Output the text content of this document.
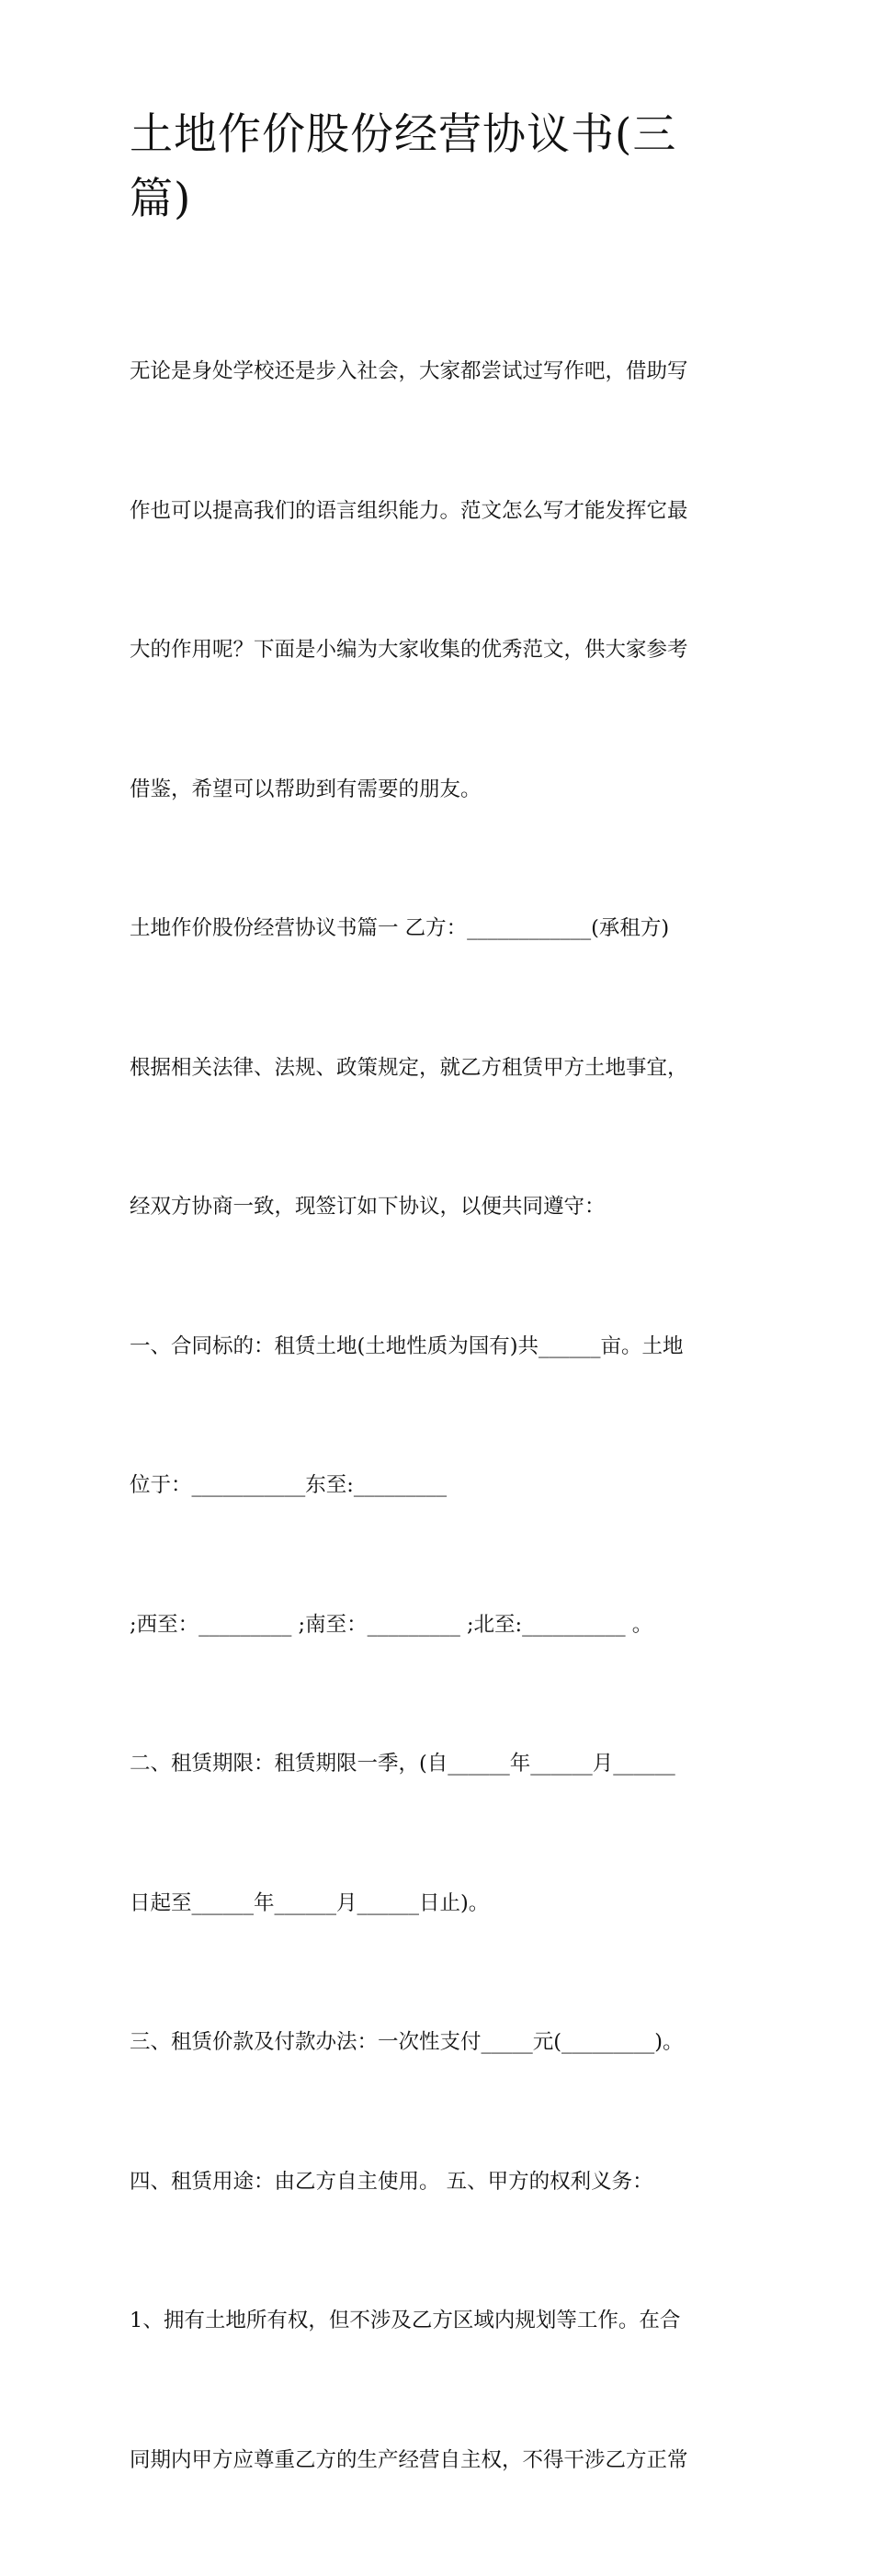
土地作价股份经营协议书(三篇)

无论是身处学校还是步入社会，大家都尝试过写作吧，借助写

作也可以提高我们的语言组织能力。范文怎么写才能发挥它最

大的作用呢？下面是小编为大家收集的优秀范文，供大家参考

借鉴，希望可以帮助到有需要的朋友。

土地作价股份经营协议书篇一 乙方：____________(承租方)

根据相关法律、法规、政策规定，就乙方租赁甲方土地事宜，

经双方协商一致，现签订如下协议，以便共同遵守：

一、合同标的：租赁土地(土地性质为国有)共______亩。土地

位于：___________东至:_________

;西至：_________ ;南至：_________ ;北至:__________ 。

二、租赁期限：租赁期限一季，(自______年______月______

日起至______年______月______日止)。

三、租赁价款及付款办法：一次性支付_____元(_________)。

四、租赁用途：由乙方自主使用。 五、甲方的权利义务：

1、拥有土地所有权，但不涉及乙方区域内规划等工作。在合

同期内甲方应尊重乙方的生产经营自主权，不得干涉乙方正常
